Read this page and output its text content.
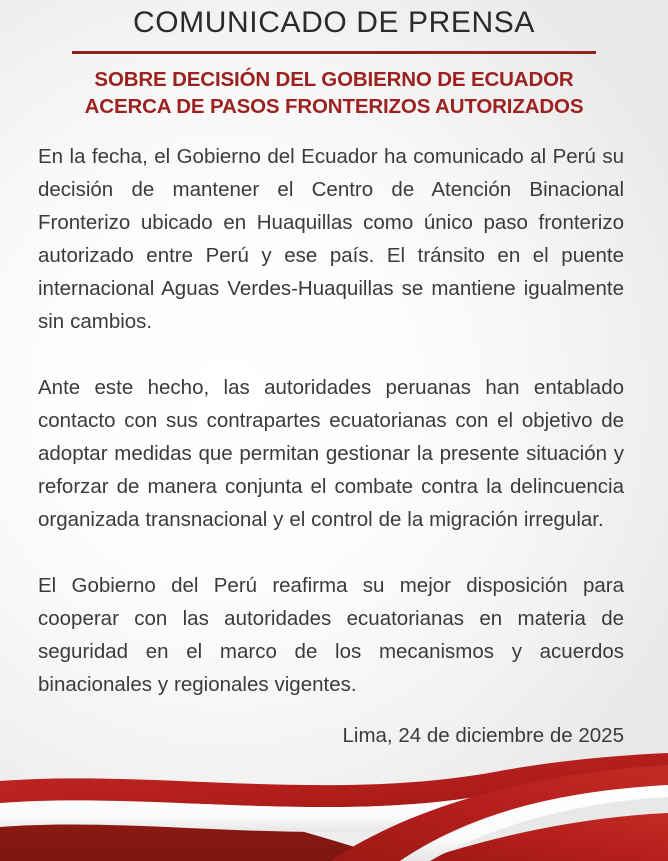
COMUNICADO DE PRENSA
SOBRE DECISIÓN DEL GOBIERNO DE ECUADOR
ACERCA DE PASOS FRONTERIZOS AUTORIZADOS

En la fecha, el Gobierno del Ecuador ha comunicado al Perú su decisión de mantener el Centro de Atención Binacional Fronterizo ubicado en Huaquillas como único paso fronterizo autorizado entre Perú y ese país. El tránsito en el puente internacional Aguas Verdes-Huaquillas se mantiene igualmente sin cambios.

Ante este hecho, las autoridades peruanas han entablado contacto con sus contrapartes ecuatorianas con el objetivo de adoptar medidas que permitan gestionar la presente situación y reforzar de manera conjunta el combate contra la delincuencia organizada transnacional y el control de la migración irregular.

El Gobierno del Perú reafirma su mejor disposición para cooperar con las autoridades ecuatorianas en materia de seguridad en el marco de los mecanismos y acuerdos binacionales y regionales vigentes.

Lima, 24 de diciembre de 2025
